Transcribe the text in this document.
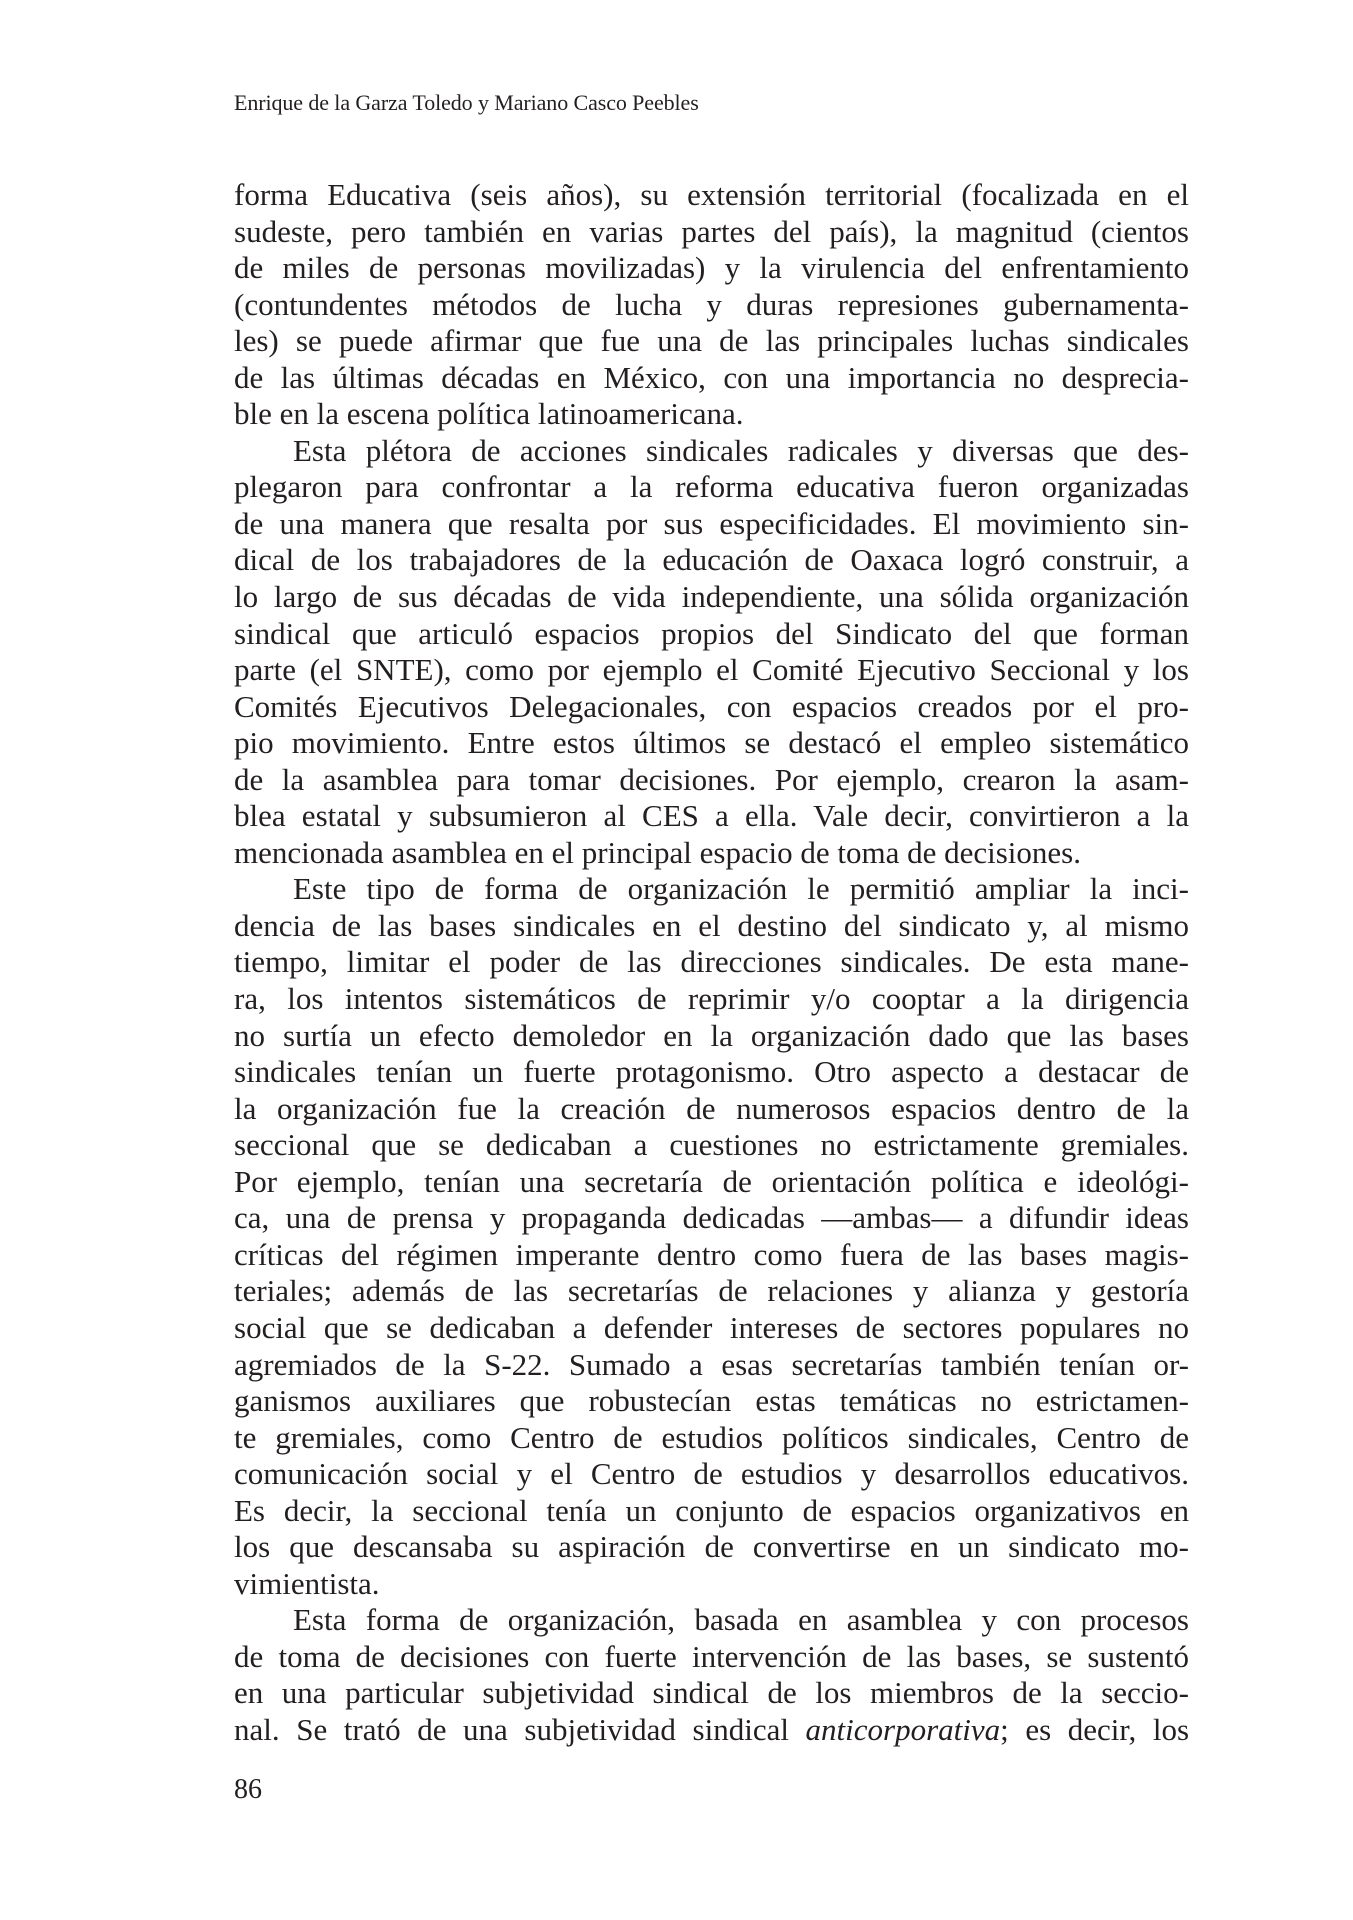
Enrique de la Garza Toledo y Mariano Casco Peebles
forma Educativa (seis años), su extensión territorial (focalizada en el
sudeste, pero también en varias partes del país), la magnitud (cientos
de miles de personas movilizadas) y la virulencia del enfrentamiento
(contundentes métodos de lucha y duras represiones gubernamenta-
les) se puede afirmar que fue una de las principales luchas sindicales
de las últimas décadas en México, con una importancia no desprecia-
ble en la escena política latinoamericana.
Esta plétora de acciones sindicales radicales y diversas que des-
plegaron para confrontar a la reforma educativa fueron organizadas
de una manera que resalta por sus especificidades. El movimiento sin-
dical de los trabajadores de la educación de Oaxaca logró construir, a
lo largo de sus décadas de vida independiente, una sólida organización
sindical que articuló espacios propios del Sindicato del que forman
parte (el SNTE), como por ejemplo el Comité Ejecutivo Seccional y los
Comités Ejecutivos Delegacionales, con espacios creados por el pro-
pio movimiento. Entre estos últimos se destacó el empleo sistemático
de la asamblea para tomar decisiones. Por ejemplo, crearon la asam-
blea estatal y subsumieron al CES a ella. Vale decir, convirtieron a la
mencionada asamblea en el principal espacio de toma de decisiones.
Este tipo de forma de organización le permitió ampliar la inci-
dencia de las bases sindicales en el destino del sindicato y, al mismo
tiempo, limitar el poder de las direcciones sindicales. De esta mane-
ra, los intentos sistemáticos de reprimir y/o cooptar a la dirigencia
no surtía un efecto demoledor en la organización dado que las bases
sindicales tenían un fuerte protagonismo. Otro aspecto a destacar de
la organización fue la creación de numerosos espacios dentro de la
seccional que se dedicaban a cuestiones no estrictamente gremiales.
Por ejemplo, tenían una secretaría de orientación política e ideológi-
ca, una de prensa y propaganda dedicadas —ambas— a difundir ideas
críticas del régimen imperante dentro como fuera de las bases magis-
teriales; además de las secretarías de relaciones y alianza y gestoría
social que se dedicaban a defender intereses de sectores populares no
agremiados de la S-22. Sumado a esas secretarías también tenían or-
ganismos auxiliares que robustecían estas temáticas no estrictamen-
te gremiales, como Centro de estudios políticos sindicales, Centro de
comunicación social y el Centro de estudios y desarrollos educativos.
Es decir, la seccional tenía un conjunto de espacios organizativos en
los que descansaba su aspiración de convertirse en un sindicato mo-
vimientista.
Esta forma de organización, basada en asamblea y con procesos
de toma de decisiones con fuerte intervención de las bases, se sustentó
en una particular subjetividad sindical de los miembros de la seccio-
nal. Se trató de una subjetividad sindical anticorporativa; es decir, los
86
